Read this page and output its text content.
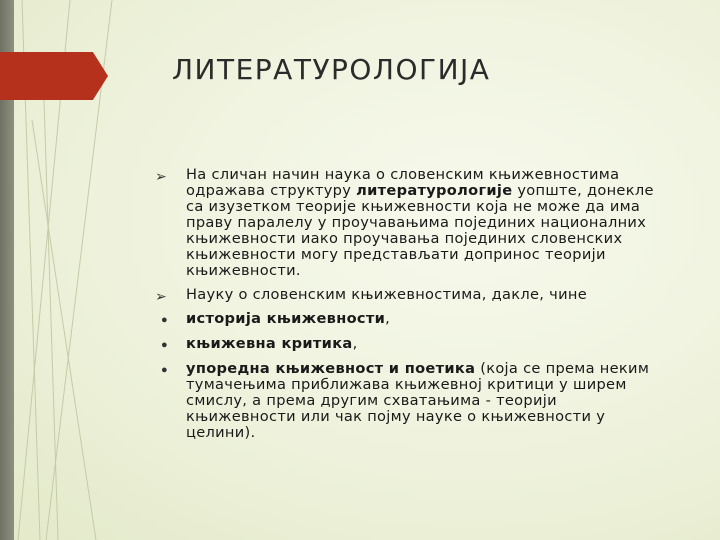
ЛИТЕРАТУРОЛОГИЈА
➢ На сличан начин наука о словенским књижевностима одражава структуру литературологије уопште, донекле са изузетком теорије књижевности која не може да има праву паралелу у проучавањима појединих националних књижевности иако проучавања појединих словенских књижевности могу представљати допринос теорији књижевности.
➢ Науку о словенским књижевностима, дакле, чине
● историја књижевности,
● књижевна критика,
● упоредна књижевност и поетика (која се према неким тумачењима приближава књижевној критици у ширем смислу, а према другим схватањима - теорији књижевности или чак појму науке о књижевности у целини).
